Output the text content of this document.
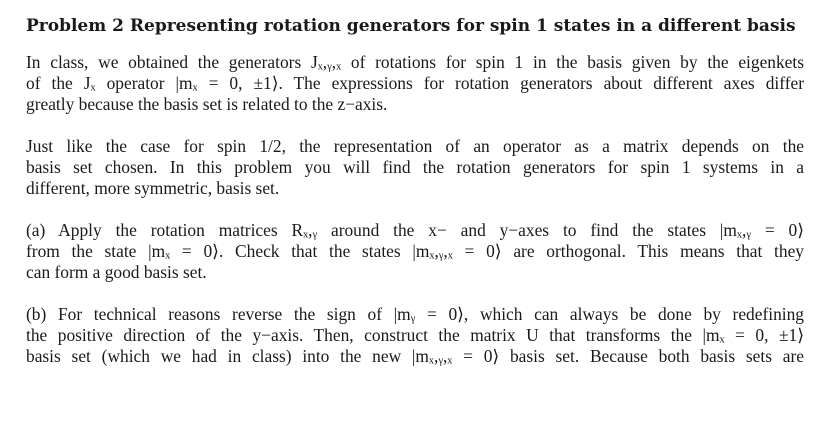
Problem 2 Representing rotation generators for spin 1 states in a different basis
In class, we obtained the generators Jₓ,ᵧ,ₓ of rotations for spin 1 in the basis given by the eigenkets
of the Jₓ operator |mₓ = 0, ±1⟩. The expressions for rotation generators about different axes differ
greatly because the basis set is related to the z−axis.
Just like the case for spin 1/2, the representation of an operator as a matrix depends on the
basis set chosen. In this problem you will find the rotation generators for spin 1 systems in a
different, more symmetric, basis set.
(a) Apply the rotation matrices Rₓ,ᵧ around the x− and y−axes to find the states |mₓ,ᵧ = 0⟩
from the state |mₓ = 0⟩. Check that the states |mₓ,ᵧ,ₓ = 0⟩ are orthogonal. This means that they
can form a good basis set.
(b) For technical reasons reverse the sign of |mᵧ = 0⟩, which can always be done by redefining
the positive direction of the y−axis. Then, construct the matrix U that transforms the |mₓ = 0, ±1⟩
basis set (which we had in class) into the new |mₓ,ᵧ,ₓ = 0⟩ basis set. Because both basis sets are
